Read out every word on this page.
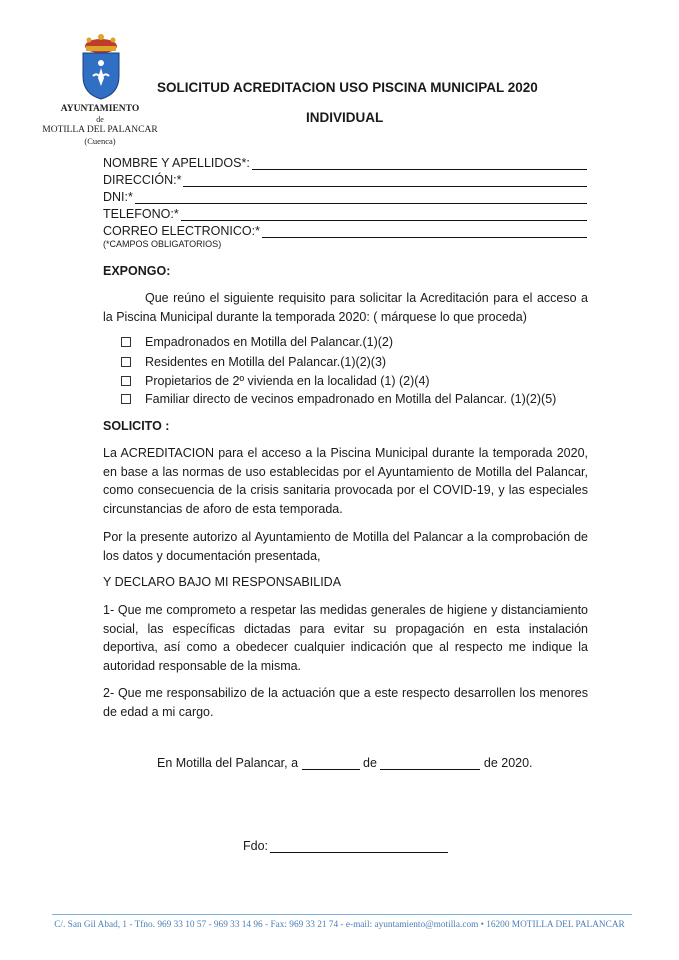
AYUNTAMIENTO
de
MOTILLA DEL PALANCAR
(Cuenca)
SOLICITUD ACREDITACION USO PISCINA MUNICIPAL 2020
INDIVIDUAL
NOMBRE Y APELLIDOS*:
DIRECCIÓN:*
DNI:*
TELEFONO:*
CORREO ELECTRONICO:*
(*CAMPOS OBLIGATORIOS)
EXPONGO:
Que reúno el siguiente requisito para solicitar la Acreditación para el acceso a la Piscina Municipal durante la temporada 2020: ( márquese lo que proceda)
Empadronados en Motilla del Palancar.(1)(2)
Residentes en Motilla del Palancar.(1)(2)(3)
Propietarios de 2º vivienda en la localidad (1) (2)(4)
Familiar directo de vecinos empadronado en Motilla del Palancar. (1)(2)(5)
SOLICITO :
La ACREDITACION para el acceso a la Piscina Municipal durante la temporada 2020, en base a las normas de uso establecidas por el Ayuntamiento de Motilla del Palancar, como consecuencia de la crisis sanitaria provocada por el COVID-19, y las especiales circunstancias de aforo de esta temporada.
Por la presente autorizo al Ayuntamiento de Motilla del Palancar a la comprobación de los datos y documentación presentada,
Y DECLARO BAJO MI RESPONSABILIDA
1- Que me comprometo a respetar las medidas generales de higiene y distanciamiento social, las específicas dictadas para evitar su propagación en esta instalación deportiva, así como a obedecer cualquier indicación que al respecto me indique la autoridad responsable de la misma.
2- Que me responsabilizo de la actuación que a este respecto desarrollen los menores de edad a mi cargo.
En Motilla del Palancar, a	de	de 2020.
Fdo:
C/. San Gil Abad, 1 - Tfno. 969 33 10 57 - 969 33 14 96 - Fax: 969 33 21 74 - e-mail: ayuntamiento@motilla.com • 16200 MOTILLA DEL PALANCAR
